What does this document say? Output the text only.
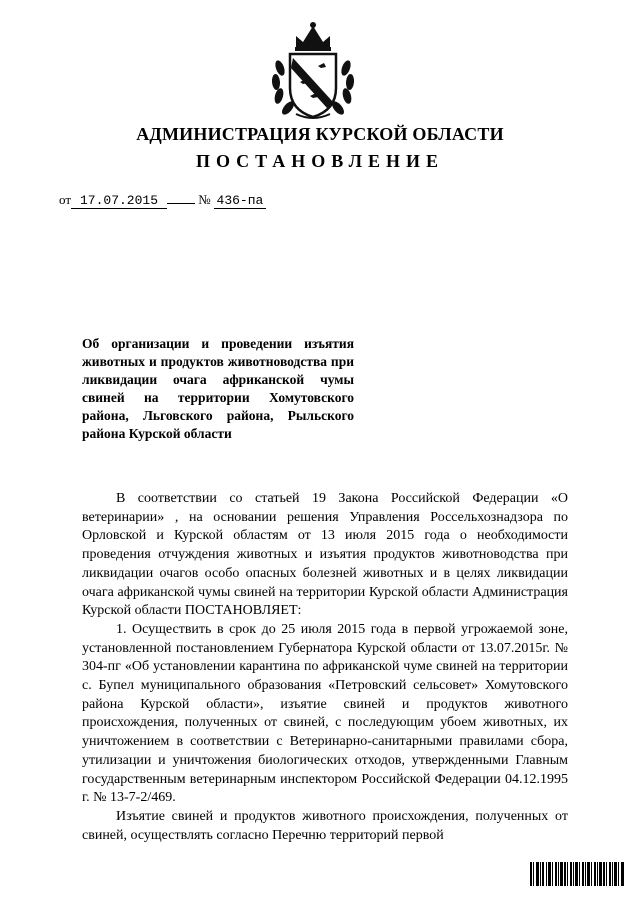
АДМИНИСТРАЦИЯ КУРСКОЙ ОБЛАСТИ
ПОСТАНОВЛЕНИЕ
от 17.07.2015	№ 436-па
Об организации и проведении изъятия животных и продуктов животноводства при ликвидации очага африканской чумы свиней на территории Хомутовского района, Льговского района, Рыльского района Курской области

В соответствии со статьей 19 Закона Российской Федерации «О ветеринарии» , на основании решения Управления Россельхознадзора по Орловской и Курской областям от 13 июля 2015 года о необходимости проведения отчуждения животных и изъятия продуктов животноводства при ликвидации очагов особо опасных болезней животных и в целях ликвидации очага африканской чумы свиней на территории Курской области Администрация Курской области ПОСТАНОВЛЯЕТ:

1. Осуществить в срок до 25 июля 2015 года в первой угрожаемой зоне, установленной постановлением Губернатора Курской области от 13.07.2015г. № 304-пг «Об установлении карантина по африканской чуме свиней на территории с. Бупел муниципального образования «Петровский сельсовет» Хомутовского района Курской области», изъятие свиней и продуктов животного происхождения, полученных от свиней, с последующим убоем животных, их уничтожением в соответствии с Ветеринарно-санитарными правилами сбора, утилизации и уничтожения биологических отходов, утвержденными Главным государственным ветеринарным инспектором Российской Федерации 04.12.1995 г. № 13-7-2/469.

Изъятие свиней и продуктов животного происхождения, полученных от свиней, осуществлять согласно Перечню территорий первой
